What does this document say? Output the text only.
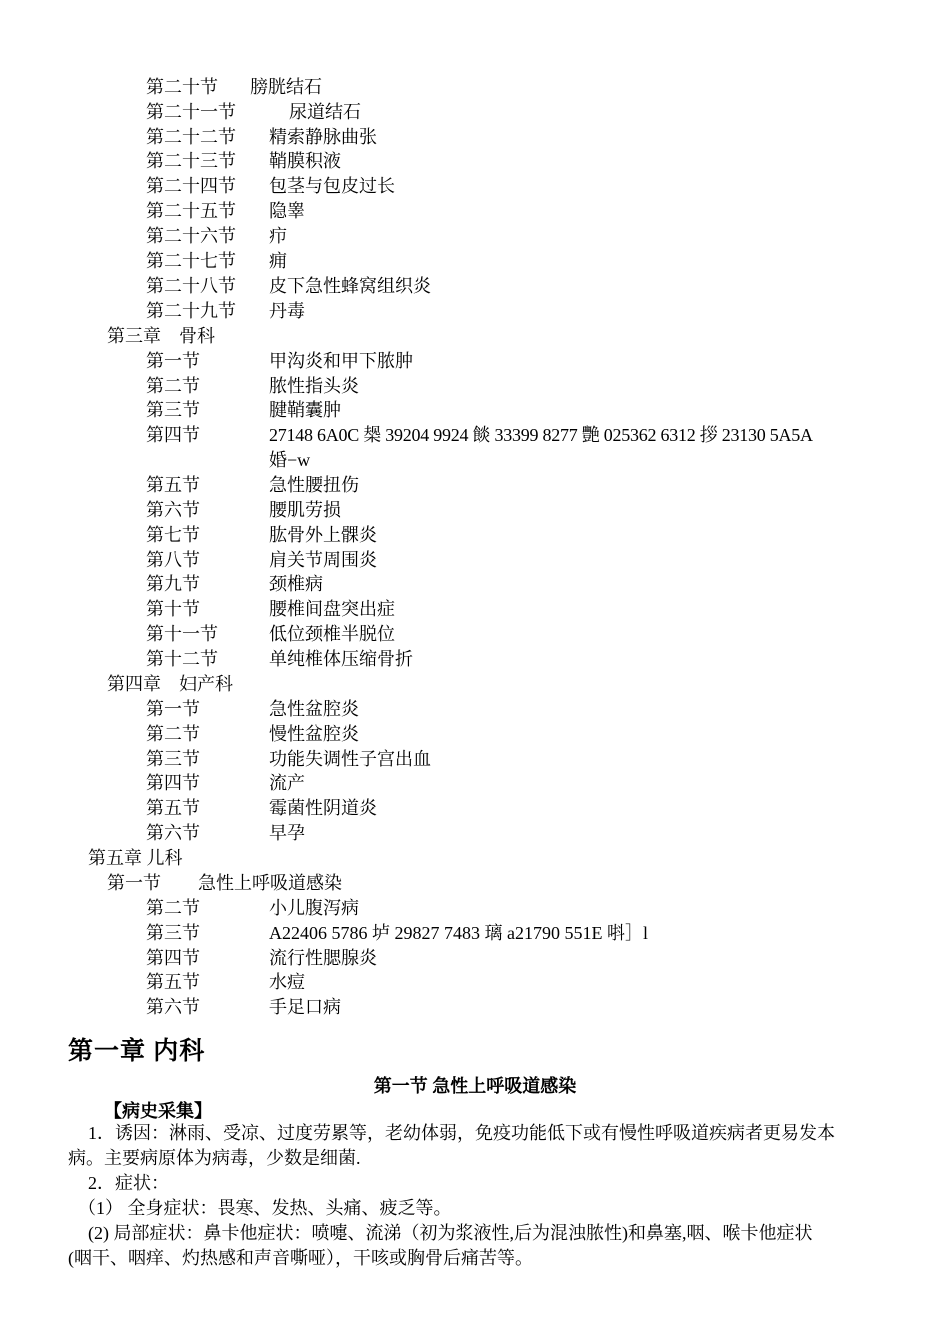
第二十节 膀胱结石
第二十一节	尿道结石
第二十二节 精索静脉曲张
第二十三节 鞘膜积液
第二十四节 包茎与包皮过长
第二十五节 隐睾
第二十六节 疖
第二十七节 痈
第二十八节 皮下急性蜂窝组织炎
第二十九节 丹毒
第三章　骨科
第一节	甲沟炎和甲下脓肿
第二节	脓性指头炎
第三节	腱鞘囊肿
第四节	27148 6A0C 椝 39204 9924 餤 33399 8277 艷 025362 6312 拶 23130 5A5A
婚−w
第五节	急性腰扭伤
第六节	腰肌劳损
第七节	肱骨外上髁炎
第八节	肩关节周围炎
第九节	颈椎病
第十节	腰椎间盘突出症
第十一节	低位颈椎半脱位
第十二节	单纯椎体压缩骨折
第四章　妇产科
第一节	急性盆腔炎
第二节	慢性盆腔炎
第三节	功能失调性子宫出血
第四节	流产
第五节	霉菌性阴道炎
第六节	早孕
第五章 儿科
第一节 急性上呼吸道感染
第二节	小儿腹泻病
第三节	A22406 5786 垆 29827 7483 璃 a21790 551E 唞］l
第四节	流行性腮腺炎
第五节	水痘
第六节	手足口病
第一章 内科
第一节 急性上呼吸道感染
【病史采集】
1．诱因：淋雨、受凉、过度劳累等，老幼体弱，免疫功能低下或有慢性呼吸道疾病者更易发本
病。主要病原体为病毒，少数是细菌.
2．症状：
（1） 全身症状：畏寒、发热、头痛、疲乏等。
(2) 局部症状：鼻卡他症状：喷嚏、流涕（初为浆液性,后为混浊脓性)和鼻塞,咽、喉卡他症状
(咽干、咽痒、灼热感和声音嘶哑），干咳或胸骨后痛苦等。
